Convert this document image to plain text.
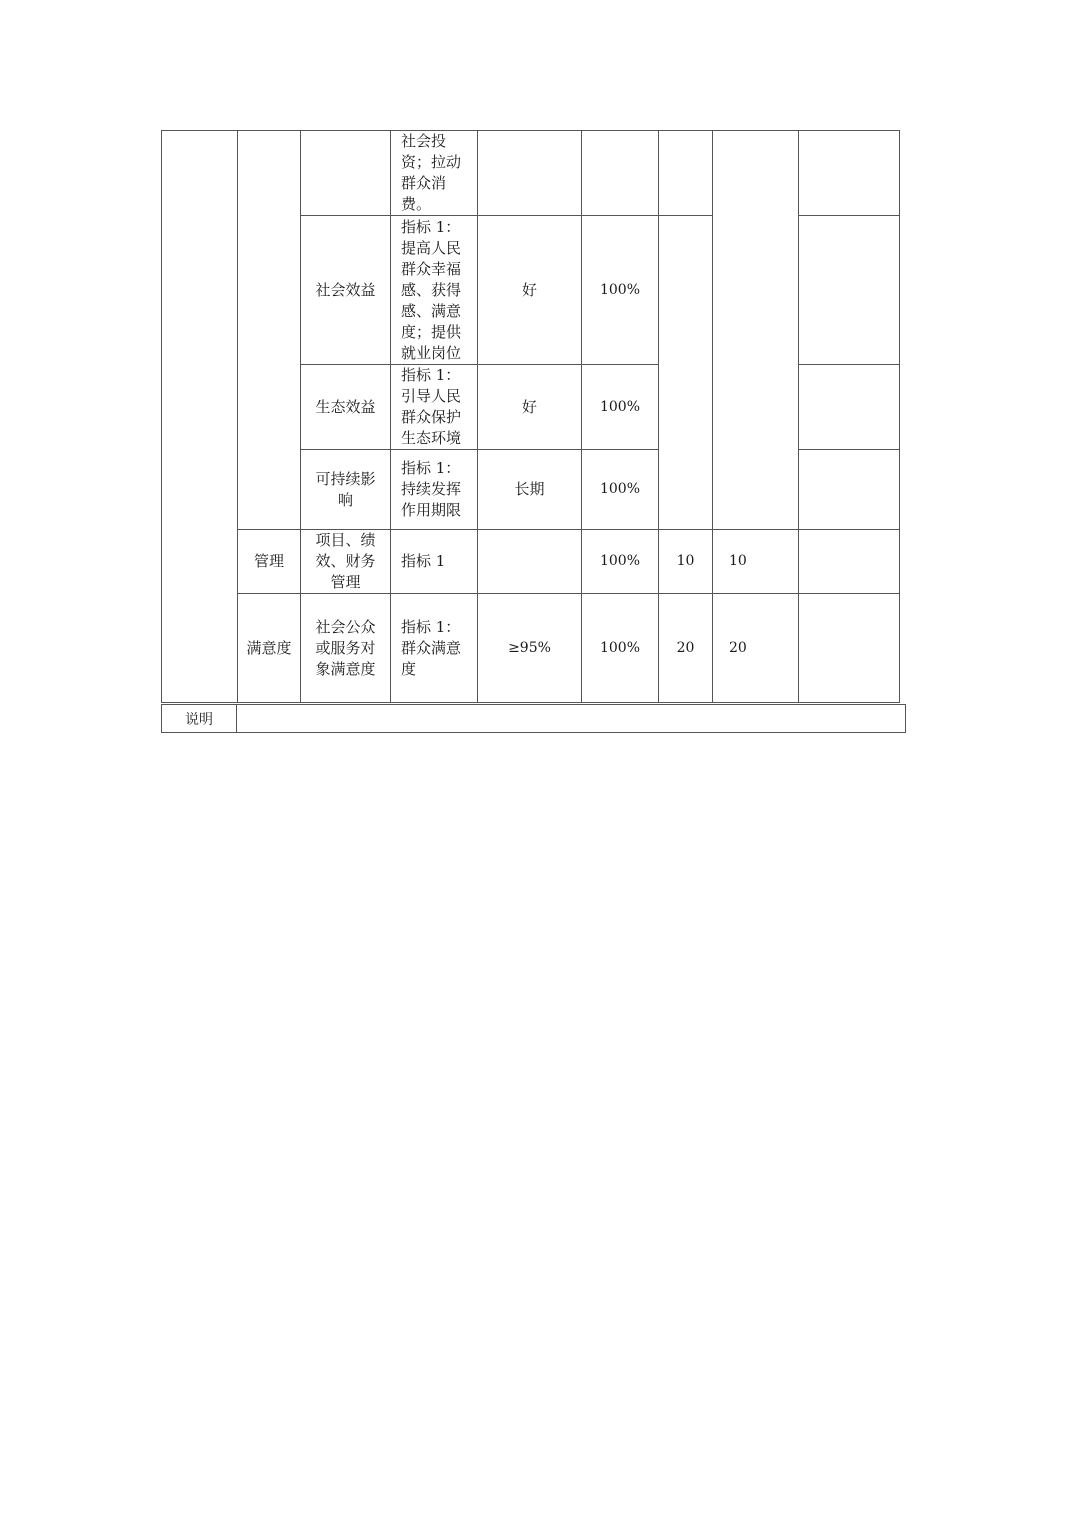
			社会投资；拉动群众消费。					
		社会效益	指标 1：提高人民群众幸福感、获得感、满意度；提供就业岗位	好	100%			
		生态效益	指标 1：引导人民群众保护生态环境	好	100%			
		可持续影响	指标 1：持续发挥作用期限	长期	100%			
	管理	项目、绩效、财务管理	指标 1		100%	10	10	
	满意度	社会公众或服务对象满意度	指标 1：群众满意度	≥95%	100%	20	20	
说明	
